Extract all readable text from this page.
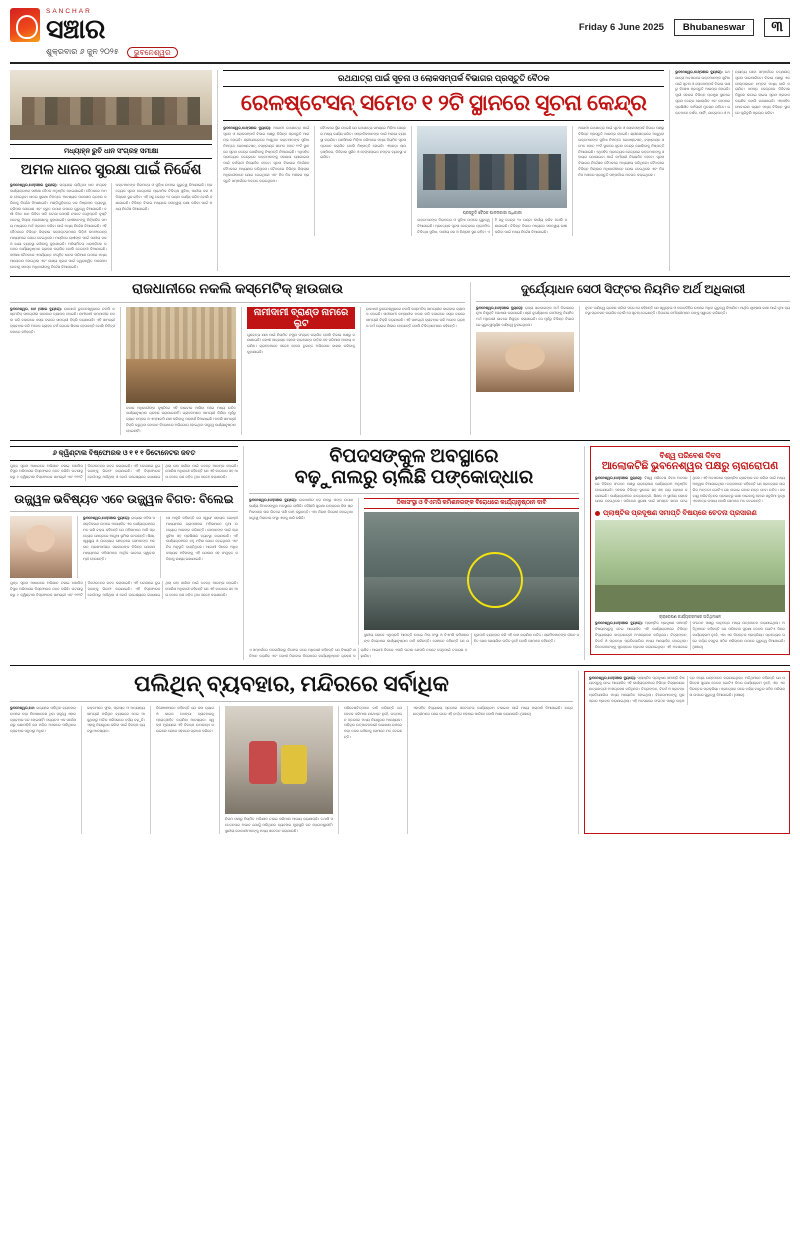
SANCHAR
ସଞ୍ଚାର
ଶୁକ୍ରବାର ୬ ଜୁନ ୨୦୨୫	ଭୁବନେଶ୍ୱର
Friday 6 June 2025	Bhubaneswar	୩
ମଧ୍ୟାହ୍ନ ରୁଚି ଧାନ ସଂଗ୍ରହ ସମୀକ୍ଷା
ଅମଳ ଧାନର ସୁରକ୍ଷା ପାଇଁ ନିର୍ଦ୍ଦେଶ
ଭୁବନେଶ୍ୱର,୫ା୬(ସଞ୍ଚାର ବ୍ୟୁରୋ): ରାଜ୍ୟରେ ଚାଲିଥିବା ଧାନ ସଂଗ୍ରହ କାର୍ଯ୍ୟକ୍ରମର ସମୀକ୍ଷା ବୈଠକ ଅନୁଷ୍ଠିତ ହୋଇଯାଇଛି। ବୈଠକରେ ଅମଳ ହୋଇଥିବା ଧାନର ସୁରକ୍ଷା ନିମନ୍ତେ ଆବଶ୍ୟକ ପଦକ୍ଷେପ ଗ୍ରହଣ କରିବାକୁ ନିର୍ଦ୍ଦେଶ ଦିଆଯାଇଛି। ମଣ୍ଡିଗୁଡ଼ିକରେ ଜଳ ନିଷ୍କାସନ ବ୍ୟବସ୍ଥା, ତ୍ରିପଲ ଯୋଗାଣ ଏବଂ ଦ୍ରୁତ ଉଠାଣ ଉପରେ ଗୁରୁତ୍ୱ ଦିଆଯାଇଛି। ବର୍ଷା ଦିନେ ଧାନ ଭିଜିବା ପରି ଘଟଣା ଯେପରି ନଘଟେ ସେଥିପ୍ରତି ଦୃଷ୍ଟି ଦେବାକୁ ଜିଲ୍ଲା ପ୍ରଶାସନକୁ କୁହାଯାଇଛି। ଚାଷୀମାନଙ୍କୁ ନିର୍ଦ୍ଧାରିତ ସମୟ ମଧ୍ୟରେ ଅର୍ଥ ପ୍ରଦାନ କରିବା ପାଇଁ ମଧ୍ୟ ନିର୍ଦ୍ଦେଶ ଦିଆଯାଇଛି। ଏହି ବୈଠକରେ ବିଭିନ୍ନ ଜିଲ୍ଲାର କଲେକ୍ଟରମାନେ ଭିଡ଼ିଓ କନଫରେନ୍ସ ମାଧ୍ୟମରେ ଯୋଗ ଦେଇଥିଲେ। ମଣ୍ଡିରେ ଚାଷୀଙ୍କ ପାଇଁ ପାନୀୟ ଜଳ ଓ ଛାୟା ବ୍ୟବସ୍ଥା ରଖିବାକୁ କୁହାଯାଇଛି। ଅନିୟମିତତା ଧରାପଡ଼ିଲେ କଠୋର କାର୍ଯ୍ୟାନୁଷ୍ଠାନ ଗ୍ରହଣ କରାଯିବ ବୋଲି ଚେତାବନୀ ଦିଆଯାଇଛି। ସମୀକ୍ଷା ବୈଠକରେ ଏପର୍ଯ୍ୟନ୍ତ ସଂଗୃହିତ ଧାନର ପରିମାଣ ଉପରେ ମଧ୍ୟ ଆଲୋଚନା ହୋଇଥିଲା ଏବଂ ଲକ୍ଷ୍ୟ ପୂରଣ ପାଇଁ ତ୍ୱରାନ୍ୱିତ ପଦକ୍ଷେପ ନେବାକୁ ସମସ୍ତ ଅଧିକାରୀଙ୍କୁ ନିର୍ଦ୍ଦେଶ ଦିଆଯାଇଛି।
ଭକ୍ତମାନଙ୍କ ନିରାପତ୍ତା ଓ ସୁବିଧା ଉପରେ ଗୁରୁତ୍ୱ ଦିଆଯାଇଛି। ପ୍ରତ୍ୟେକ ସୂଚନା କେନ୍ଦ୍ରରେ ପ୍ରାଥମିକ ଚିକିତ୍ସା ସୁବିଧା, ପାନୀୟ ଜଳ ଓ ବିଶ୍ରାମ ସ୍ଥଳ ରହିବ। ଏହି ସବୁ କେନ୍ଦ୍ର ୨୪ ଘଣ୍ଟା କାର୍ଯ୍ୟ କରିବ ବୋଲି ଜଣାଯାଇଛି। ବିଭିନ୍ନ ବିଭାଗ ମଧ୍ୟରେ ସମନ୍ୱୟ ରକ୍ଷା କରିବା ପାଇଁ ମଧ୍ୟ ନିର୍ଦ୍ଦେଶ ଦିଆଯାଇଛି।
ରଥଯାତ୍ରା ପାଇଁ ସୂଚନା ଓ ଲୋକସମ୍ପର୍କ ବିଭାଗର ପ୍ରସ୍ତୁତି ବୈଠକ
ରେଳଷ୍ଟେସନ୍ ସମେତ ୧ ୨ଟି ସ୍ଥାନରେ ସୂଚନା କେନ୍ଦ୍ର
ଭୁବନେଶ୍ୱର,୫ା୬(ସଞ୍ଚାର ବ୍ୟୁରୋ): ଆଗାମୀ ରଥଯାତ୍ରା ପାଇଁ ସୂଚନା ଓ ଲୋକସମ୍ପର୍କ ବିଭାଗ ପକ୍ଷରୁ ବିଭିନ୍ନ ପ୍ରସ୍ତୁତି ଆରମ୍ଭ ହୋଇଛି। ଶ୍ରୀକ୍ଷେତ୍ରରେ ଆସୁଥିବା ଭକ୍ତମାନଙ୍କ ସୁବିଧା ନିମନ୍ତେ ରେଳଷ୍ଟେସନ୍, ବସ୍‌ଷ୍ଟାଣ୍ଡ ସମେତ ମୋଟ ୧୨ଟି ସ୍ଥାନରେ ସୂଚନା କେନ୍ଦ୍ର ଖୋଲିବାକୁ ନିଷ୍ପତ୍ତି ନିଆଯାଇଛି। ଏଥିସହିତ ପ୍ରତ୍ୟେକ କେନ୍ଦ୍ରରେ ଭକ୍ତମାନଙ୍କୁ ସହାୟତା ଯୋଗାଇବା ପାଇଁ କର୍ମଚାରୀ ନିୟୋଜିତ ହେବେ। ସୂଚନା ବିଭାଗର ନିର୍ଦ୍ଦେଶକ ବୈଠକରେ ଅଧ୍ୟକ୍ଷତା କରିଥିଲେ। ବୈଠକରେ ବିଭିନ୍ନ ଜିଲ୍ଲାର ଅଧିକାରୀମାନେ ଯୋଗ ଦେଇଥିଲେ ଏବଂ ନିଜ ନିଜ ଅଞ୍ଚଳର ପ୍ରସ୍ତୁତି ସମ୍ପର୍କରେ ଅବଗତ କରାଇଥିଲେ।
ବୈଠକରେ ସ୍ଥିର ହୋଇଛି ଯେ ରଥଯାତ୍ରା ସମୟରେ ମିଡ଼ିଆ ସେଣ୍ଟର ମଧ୍ୟ କାର୍ଯ୍ୟ କରିବ। ସମ୍ବାଦିକମାନଙ୍କ ପାଇଁ ଅଲଗା ବ୍ୟବସ୍ଥା କରାଯିବ। ସୋସିଆଲ ମିଡ଼ିଆ ଜରିଆରେ ମଧ୍ୟ ନିୟମିତ ସୂଚନା ପ୍ରଦାନ କରାଯିବ ବୋଲି ନିଷ୍ପତ୍ତି ହୋଇଛି। ଏହାଛଡ଼ା ଲାଉଡ଼ସ୍ପିକର, ଡିଜିଟାଲ ସ୍କ୍ରିନ ଓ ହେଲ୍ପଲାଇନ ନମ୍ବର ବ୍ୟବସ୍ଥା କରାଯିବ।
ପ୍ରସ୍ତୁତି ବୈଠକ ପାଳନକାରୀ ଅଧିକାରୀ
ଭକ୍ତମାନଙ୍କ ନିରାପତ୍ତା ଓ ସୁବିଧା ଉପରେ ଗୁରୁତ୍ୱ ଦିଆଯାଇଛି। ପ୍ରତ୍ୟେକ ସୂଚନା କେନ୍ଦ୍ରରେ ପ୍ରାଥମିକ ଚିକିତ୍ସା ସୁବିଧା, ପାନୀୟ ଜଳ ଓ ବିଶ୍ରାମ ସ୍ଥଳ ରହିବ। ଏହି ସବୁ କେନ୍ଦ୍ର ୨୪ ଘଣ୍ଟା କାର୍ଯ୍ୟ କରିବ ବୋଲି ଜଣାଯାଇଛି। ବିଭିନ୍ନ ବିଭାଗ ମଧ୍ୟରେ ସମନ୍ୱୟ ରକ୍ଷା କରିବା ପାଇଁ ମଧ୍ୟ ନିର୍ଦ୍ଦେଶ ଦିଆଯାଇଛି।
ଆଗାମୀ ରଥଯାତ୍ରା ପାଇଁ ସୂଚନା ଓ ଲୋକସମ୍ପର୍କ ବିଭାଗ ପକ୍ଷରୁ ବିଭିନ୍ନ ପ୍ରସ୍ତୁତି ଆରମ୍ଭ ହୋଇଛି। ଶ୍ରୀକ୍ଷେତ୍ରରେ ଆସୁଥିବା ଭକ୍ତମାନଙ୍କ ସୁବିଧା ନିମନ୍ତେ ରେଳଷ୍ଟେସନ୍, ବସ୍‌ଷ୍ଟାଣ୍ଡ ସମେତ ମୋଟ ୧୨ଟି ସ୍ଥାନରେ ସୂଚନା କେନ୍ଦ୍ର ଖୋଲିବାକୁ ନିଷ୍ପତ୍ତି ନିଆଯାଇଛି। ଏଥିସହିତ ପ୍ରତ୍ୟେକ କେନ୍ଦ୍ରରେ ଭକ୍ତମାନଙ୍କୁ ସହାୟତା ଯୋଗାଇବା ପାଇଁ କର୍ମଚାରୀ ନିୟୋଜିତ ହେବେ। ସୂଚନା ବିଭାଗର ନିର୍ଦ୍ଦେଶକ ବୈଠକରେ ଅଧ୍ୟକ୍ଷତା କରିଥିଲେ। ବୈଠକରେ ବିଭିନ୍ନ ଜିଲ୍ଲାର ଅଧିକାରୀମାନେ ଯୋଗ ଦେଇଥିଲେ ଏବଂ ନିଜ ନିଜ ଅଞ୍ଚଳର ପ୍ରସ୍ତୁତି ସମ୍ପର୍କରେ ଅବଗତ କରାଇଥିଲେ।
ଭୁବନେଶ୍ୱର,୫ା୬(ସଞ୍ଚାର ବ୍ୟୁରୋ): ରଥଯାତ୍ରା ଅବସରରେ ଭକ୍ତମାନଙ୍କ ସୁବିଧା ପାଇଁ ସୂଚନା ଓ ଲୋକସମ୍ପର୍କ ବିଭାଗ ପକ୍ଷରୁ ବିଶେଷ ପ୍ରସ୍ତୁତି ଆରମ୍ଭ ହୋଇଛି। ପୁରୀ ସହରର ବିଭିନ୍ନ ପ୍ରମୁଖ ସ୍ଥାନରେ ସୂଚନା କେନ୍ଦ୍ର ଖୋଲାଯିବ ଏବଂ ସେଠାରେ ପ୍ରଶିକ୍ଷିତ କର୍ମଚାରୀ ମୁତୟନ ରହିବେ। ଭକ୍ତମାନେ ଦର୍ଶନ, ପାର୍କିଂ, ଯାତ୍ରାପଥ ଓ ଅନ୍ୟାନ୍ୟ ସେବା ସମ୍ପର୍କରେ ତତ୍‌କ୍ଷଣାତ୍ ସୂଚନା ପାଇପାରିବେ। ବିଭାଗ ପକ୍ଷରୁ ଏକ ହେଲ୍ପଲାଇନ ନମ୍ବର ମଧ୍ୟ ଜାରି କରାଯିବ। ସମସ୍ତ କେନ୍ଦ୍ରରେ ଡିଜିଟାଲ ଡିସ୍ପ୍ଲେ ଲଗାଇ ଲାଇଭ ସୂଚନା ପ୍ରଦାନ କରାଯିବ ବୋଲି ଜଣାଯାଇଛି। ଏହାସହିତ ମୋବାଇଲ ଭ୍ୟାନ ମଧ୍ୟ ବିଭିନ୍ନ ସ୍ଥାନରେ ଘୂରିବୁଲି ପ୍ରଚାର କରିବ।
ରାଜଧାନୀରେ ନକଲି କସ୍‌ମେଟିକ୍ ହାଉଜାଉ
ଭୁବନେଶ୍ୱର, ୫ା୬ (ସଞ୍ଚାର ବ୍ୟୁରୋ): ରାଜଧାନୀ ଭୁବନେଶ୍ୱରରେ ନକଲି କସ୍‌ମେଟିକ୍ ସାମଗ୍ରୀର କାରବାର ବ୍ୟାପକ ହୋଇଛି। ନାମୀଦାମୀ କମ୍ପାନୀର ନକଲ କରି ବଜାରରେ ସସ୍ତା ଦରରେ ସାମଗ୍ରୀ ବିକ୍ରି କରାଯାଉଛି। ଏହି ସାମଗ୍ରୀ ବ୍ୟବହାର କରି ଅନେକ ଗ୍ରାହକ ଚର୍ମ ରୋଗର ଶିକାର ହେଉଛନ୍ତି ବୋଲି ଚିକିତ୍ସକମାନେ କହିଛନ୍ତି।
ବଜାର ଅଧିକାରୀଙ୍କ ଦୃଷ୍ଟିରେ ଏହି କାରବାର ଆସିବା ପରେ ମଧ୍ୟ ଉଚିତ କାର୍ଯ୍ୟାନୁଷ୍ଠାନ ଗ୍ରହଣ କରାଯାଇନାହିଁ। ଗ୍ରାହକମାନେ ସାମଗ୍ରୀ କିଣିବା ପୂର୍ବରୁ ବ୍ୟାଚ ନମ୍ବର ଓ ଏମ୍‌ଆରପି ଯାଞ୍ଚ କରିବାକୁ ପରାମର୍ଶ ଦିଆଯାଇଛି। ନକଲି ସାମଗ୍ରୀ ବିକ୍ରି କରୁଥିବା ଦୋକାନ ବିରୋଧରେ ଅଭିଯୋଗ ହୋଇଥିବା ସତ୍ତ୍ୱେ କାର୍ଯ୍ୟାନୁଷ୍ଠାନ ହୋଇନାହିଁ।
ନାମୀଦାମୀ ବ୍ରାଣ୍ଡ ନାମରେ ଲୁଟ
ଗୁଣବତ୍ତା ଯାଞ୍ଚ ପାଇଁ ନିୟମିତ ନମୁନା ସଂଗ୍ରହ କରାଯିବ ବୋଲି ବିଭାଗ ପକ୍ଷରୁ ଜଣାଯାଇଛି। ଦୋଷୀ ସାବ୍ୟସ୍ତ ହେଲେ ଲାଇସେନ୍ସ ବାତିଲ ସହ ଜରିମାନା ଆଦାୟ କରାଯିବ। ଗ୍ରାହକମାନେ ସନ୍ଦେହ ହେଲେ ତୁରନ୍ତ ଅଭିଯୋଗ ଦାଖଲ କରିବାକୁ କୁହାଯାଇଛି।
ରାଜଧାନୀ ଭୁବନେଶ୍ୱରରେ ନକଲି କସ୍‌ମେଟିକ୍ ସାମଗ୍ରୀର କାରବାର ବ୍ୟାପକ ହୋଇଛି। ନାମୀଦାମୀ କମ୍ପାନୀର ନକଲ କରି ବଜାରରେ ସସ୍ତା ଦରରେ ସାମଗ୍ରୀ ବିକ୍ରି କରାଯାଉଛି। ଏହି ସାମଗ୍ରୀ ବ୍ୟବହାର କରି ଅନେକ ଗ୍ରାହକ ଚର୍ମ ରୋଗର ଶିକାର ହେଉଛନ୍ତି ବୋଲି ଚିକିତ୍ସକମାନେ କହିଛନ୍ତି।
ଦୁର୍ଯ୍ୟୋଧନ ସେଠୀ ସିଫ୍ଟର ନିୟମିତ ଅର୍ଥ ଅଧିକାରୀ
ଭୁବନେଶ୍ୱର,୫ା୬(ସଞ୍ଚାର ବ୍ୟୁରୋ): ରାଜ୍ୟ ସରକାରଙ୍କ ଅର୍ଥ ବିଭାଗରେ ନୂଆ ନିଯୁକ୍ତି ଘୋଷଣା କରାଯାଇଛି। ଶ୍ରୀ ଦୁର୍ଯ୍ୟୋଧନ ସେଠୀଙ୍କୁ ନିୟମିତ ଅର୍ଥ ଅଧିକାରୀ ଭାବରେ ନିଯୁକ୍ତ କରାଯାଇଛି। ସେ ପୂର୍ବରୁ ବିଭିନ୍ନ ବିଭାଗରେ ଗୁରୁତ୍ୱପୂର୍ଣ୍ଣ ଦାୟିତ୍ୱ ତୁଲାଇଥିଲେ।
ନୂତନ ଦାୟିତ୍ୱ ଗ୍ରହଣ କରିବା ପରେ ସେ କହିଛନ୍ତି ଯେ ସ୍ୱଚ୍ଛତା ଓ ଜବାବଦିହିତା ଉପରେ ଅଧିକ ଗୁରୁତ୍ୱ ଦିଆଯିବ। ଆର୍ଥିକ ଶୃଙ୍ଖଳା ରକ୍ଷା ପାଇଁ ନୂଆ ବ୍ୟବସ୍ଥା ପ୍ରଚଳନ କରାଯିବ ବୋଲି ସେ ସୂଚନା ଦେଇଛନ୍ତି। ବିଭାଗର କର୍ମଚାରୀମାନେ ତାଙ୍କୁ ସ୍ୱାଗତ କରିଛନ୍ତି।
୬ କ୍ୱିଣ୍ଟାଲ ବିଷ୍ଫୋରକ ଓ ୧ ୧ ୧ ଡିଟୋନେଟର ଜବତ
ଗୁପ୍ତ ସୂଚନା ଆଧାରରେ ଅଭିଯାନ ଚଳାଇ ପୋଲିସ ବିପୁଳ ପରିମାଣର ବିସ୍ଫୋରକ ଜବତ କରିଛି। ଘଟଣାସ୍ଥଳରୁ ୬ କ୍ୱିଣ୍ଟାଲ ବିସ୍ଫୋରକ ସାମଗ୍ରୀ ଏବଂ ୧୧୧ଟି ଡିଟୋନେଟର ଜବତ କରାଯାଇଛି। ଏହି ଘଟଣାରେ ଦୁଇ ଜଣଙ୍କୁ ଗିରଫ କରାଯାଇଛି। ଏହି ବିସ୍ଫୋରକ କେଉଁଠାରୁ ଆସିଥିଲା ଓ କେଉଁ ଉଦ୍ଦେଶ୍ୟରେ ରଖାଯାଇଥିଲା ତାହା ଜାଣିବା ପାଇଁ ତଦନ୍ତ ଆରମ୍ଭ ହୋଇଛି। ପୋଲିସ ଅଧିକାରୀ କହିଛନ୍ତି ଯେ ଏହି କାରବାର ସହ ଆଉ କେତେ ଜଣ ଜଡ଼ିତ ଥିବା ସନ୍ଦେହ କରାଯାଉଛି।
ଉଜ୍ଜ୍ୱଳ ଭବିଷ୍ୟତ ଏବେ ଉଜ୍ଜ୍ୱଳ ବିଗତ: ବିଲେଇ
ଭୁବନେଶ୍ୱର,୫ା୬(ସଞ୍ଚାର ବ୍ୟୁରୋ): ରାଜ୍ୟର ମହିଳା ସଶକ୍ତିକରଣ ଉପରେ ଆୟୋଜିତ ଏକ କାର୍ଯ୍ୟକ୍ରମରେ ମତ ରଖି ବକ୍ତା କହିଛନ୍ତି ଯେ ମହିଳାମାନେ ଆଜି ପ୍ରତ୍ୟେକ କ୍ଷେତ୍ରରେ ଆଗୁଆ ଭୂମିକା ନେଉଛନ୍ତି। ଶିକ୍ଷା, ସ୍ୱାସ୍ଥ୍ୟ ଓ ଉଦ୍ୟୋଗ କ୍ଷେତ୍ରରେ ସେମାନଙ୍କ ଅବଦାନ ପ୍ରଶଂସନୀୟ। ସରକାରଙ୍କ ବିଭିନ୍ନ ଯୋଜନା ମାଧ୍ୟମରେ ମହିଳାମାନେ ଆର୍ଥିକ ଭାବରେ ସ୍ୱାବଲମ୍ବୀ ହେଉଛନ୍ତି।
ସେ ଆହୁରି କହିଛନ୍ତି ଯେ ସ୍ୱୟଂ ସହାୟକ ଗୋଷ୍ଠୀ ମାଧ୍ୟମରେ ଗ୍ରାମାଞ୍ଚଳର ମହିଳାମାନେ ନୂଆ ଉଦ୍ୟୋଗ ଆରମ୍ଭ କରିଛନ୍ତି। ସେମାନଙ୍କ ପାଇଁ ଋଣ ସୁବିଧା ସହ ପ୍ରଶିକ୍ଷଣ ବ୍ୟବସ୍ଥା କରାଯାଉଛି। ଏହି କାର୍ଯ୍ୟକ୍ରମରେ ବହୁ ମହିଳା ଯୋଗ ଦେଇଥିଲେ ଏବଂ ନିଜ ଅନୁଭୂତି ବାଣ୍ଟିଥିଲେ। ଆଗାମୀ ଦିନରେ ଅଧିକ ସଂଖ୍ୟକ ମହିଳାଙ୍କୁ ଏହି ଯୋଜନା ସହ ସଂଯୁକ୍ତ କରିବାକୁ ଲକ୍ଷ୍ୟ ରଖାଯାଇଛି।
ଗୁପ୍ତ ସୂଚନା ଆଧାରରେ ଅଭିଯାନ ଚଳାଇ ପୋଲିସ ବିପୁଳ ପରିମାଣର ବିସ୍ଫୋରକ ଜବତ କରିଛି। ଘଟଣାସ୍ଥଳରୁ ୬ କ୍ୱିଣ୍ଟାଲ ବିସ୍ଫୋରକ ସାମଗ୍ରୀ ଏବଂ ୧୧୧ଟି ଡିଟୋନେଟର ଜବତ କରାଯାଇଛି। ଏହି ଘଟଣାରେ ଦୁଇ ଜଣଙ୍କୁ ଗିରଫ କରାଯାଇଛି। ଏହି ବିସ୍ଫୋରକ କେଉଁଠାରୁ ଆସିଥିଲା ଓ କେଉଁ ଉଦ୍ଦେଶ୍ୟରେ ରଖାଯାଇଥିଲା ତାହା ଜାଣିବା ପାଇଁ ତଦନ୍ତ ଆରମ୍ଭ ହୋଇଛି। ପୋଲିସ ଅଧିକାରୀ କହିଛନ୍ତି ଯେ ଏହି କାରବାର ସହ ଆଉ କେତେ ଜଣ ଜଡ଼ିତ ଥିବା ସନ୍ଦେହ କରାଯାଉଛି।
ବିପଦସଙ୍କୁଳ ଅବସ୍ଥାରେ
ବଢ଼ୁନାଲରୁ ଚାଲିଛି ପଙ୍କୋଦ୍ଧାର
ଭୁବନେଶ୍ୱର,୫ା୬(ସଞ୍ଚାର ବ୍ୟୁରୋ): ରାଜଧାନୀର ବଡ଼ ନାଳରୁ ପଙ୍କ ଉଠାଣ କାର୍ଯ୍ୟ ବିପଦସଙ୍କୁଳ ଅବସ୍ଥାରେ ଚାଲିଛି। କୌଣସି ସୁରକ୍ଷା ଉପକରଣ ବିନା ଶ୍ରମିକମାନେ ନାଳ ଭିତରେ ପଶି କାମ କରୁଛନ୍ତି। ଏହା ନିୟମ ବିରୋଧୀ ହୋଇଥିବା ସତ୍ତ୍ୱେ ଠିକାଦାର ସଂସ୍ଥା ଏହାକୁ ଜାରି ରଖିଛି।
ଠିକାସଂସ୍ଥା ଓ ବିଏମସି କମିଶନରଙ୍କ ବିରୋଧରେ କାର୍ଯ୍ୟାନୁଷ୍ଠାନ ଦାବି
ସ୍ଥାନୀୟ ଲୋକେ ଏଥିପ୍ରତି ଆପତ୍ତି ଉଠାଇ ଠିକା ସଂସ୍ଥା ଓ ବିଏମସି କମିଶନରଙ୍କ ବିରୋଧରେ କାର୍ଯ୍ୟାନୁଷ୍ଠାନ ଦାବି କରିଛନ୍ତି। ସେମାନେ କହିଛନ୍ତି ଯେ ଯନ୍ତ୍ରପାତି ବ୍ୟବହାର କରି ଏହି କାମ କରାଯିବା ଉଚିତ। ଶ୍ରମିକମାନଙ୍କ ଜୀବନ ସହିତ ଖେଳ ଖେଳାଯିବା ଉଚିତ ନୁହେଁ ବୋଲି ସେମାନେ କହିଛନ୍ତି।
ଏ ସମ୍ପର୍କରେ ପଚରାଯିବାରୁ ନିଗମର ଜଣେ ଅଧିକାରୀ କହିଛନ୍ତି ଯେ ବିଷୟଟି ଖତିଆନ କରାଯିବ ଏବଂ ଦୋଷୀ ଠିକାଦାର ବିରୋଧରେ କାର୍ଯ୍ୟାନୁଷ୍ଠାନ ଗ୍ରହଣ କରାଯିବ। ଆଗାମୀ ଦିନରେ ଏପରି ଘଟଣା ଯେପରି ନଘଟେ ସେଥିପାଇଁ ତଦାରଖ ବଢ଼ାଯିବ।
ବିଶ୍ୱ ପରିବେଶ ଦିବସ
ଆଲୋକଟିଛି ଭୁବନେଶ୍ୱର ପକ୍ଷରୁ ଚାରାରୋପଣ
ଭୁବନେଶ୍ୱର,୫ା୬(ସଞ୍ଚାର ବ୍ୟୁରୋ): ବିଶ୍ୱ ପରିବେଶ ଦିବସ ଅବସରରେ ବିଭିନ୍ନ ସଂଗଠନ ପକ୍ଷରୁ ଚାରାରୋପଣ କାର୍ଯ୍ୟକ୍ରମ ଅନୁଷ୍ଠିତ ହୋଇଯାଇଛି। ସହରର ବିଭିନ୍ନ ସ୍ଥାନରେ ଶହ ଶହ ଚାରା ରୋପଣ କରାଯାଇଛି। କାର୍ଯ୍ୟକ୍ରମରେ ଛାତ୍ରଛାତ୍ରୀ, ଶିକ୍ଷକ ଓ ସ୍ଥାନୀୟ ଲୋକେ ଯୋଗ ଦେଇଥିଲେ। ପରିବେଶ ସୁରକ୍ଷା ପାଇଁ ସମସ୍ତେ ଶପଥ ନେଇଥିଲେ। ଏହି ଅବସରରେ ପ୍ଲାଷ୍ଟିକ ବ୍ୟବହାର ବନ୍ଦ କରିବା ପାଇଁ ମଧ୍ୟ ଆହ୍ୱାନ ଦିଆଯାଇଥିଲା। ବକ୍ତାମାନେ କହିଛନ୍ତି ଯେ ପ୍ରତ୍ୟେକ ନାଗରିକ ଅନ୍ତତଃ ଗୋଟିଏ ଗଛ ଲଗାଇ ତାହାର ଯତ୍ନ ନେବା ଉଚିତ। ଜଳବାୟୁ ପରିବର୍ତ୍ତନର ପ୍ରଭାବରୁ ରକ୍ଷା ପାଇବାକୁ ହେଲେ ସବୁଜିମା ବୃଦ୍ଧି ଏକମାତ୍ର ଉପାୟ ବୋଲି ସେମାନେ ମତ ଦେଇଛନ୍ତି।
ପ୍ଲାଷ୍ଟିକ ପ୍ରଦୂଷଣ ସମାପ୍ତି ବିଷୟରେ ଚେତନା ପ୍ରସାରଣ
ଚାରାରୋପଣ କାର୍ଯ୍ୟକ୍ରମରେ ଅତିଥିମାନେ
ଭୁବନେଶ୍ୱର,୫ା୬(ସଞ୍ଚାର ବ୍ୟୁରୋ): ପ୍ଲାଷ୍ଟିକ ପ୍ରଦୂଷଣ ସମାପ୍ତି ବିଷୟବସ୍ତୁକୁ ନେଇ ଆୟୋଜିତ ଏହି କାର୍ଯ୍ୟକ୍ରମରେ ବିଭିନ୍ନ ବିଦ୍ୟାଳୟର ଛାତ୍ରଛାତ୍ରୀ ଅଂଶଗ୍ରହଣ କରିଥିଲେ। ଚିତ୍ରାଙ୍କନ, ବିତର୍କ ଓ ପ୍ରବନ୍ଧ ପ୍ରତିଯୋଗିତା ମଧ୍ୟ ଆୟୋଜିତ ହୋଇଥିଲା। ବିଜେତାମାନଙ୍କୁ ପୁରସ୍କାର ପ୍ରଦାନ କରାଯାଇଥିଲା। ଏହି ଅବସରରେ ସଂଗଠନ ପକ୍ଷରୁ କାନ୍ଥପତ୍ର ମଧ୍ୟ ଉନ୍ମୋଚନ କରାଯାଇଥିଲା। ଅତିଥିମାନେ କହିଛନ୍ତି ଯେ ପରିବେଶ ସୁରକ୍ଷା କେବଳ ଗୋଟିଏ ଦିନର କାର୍ଯ୍ୟକ୍ରମ ନୁହେଁ, ଏହା ଏକ ନିରନ୍ତର ପ୍ରକ୍ରିୟା। ପ୍ରତ୍ୟେକ ଘରେ ବର୍ଜ୍ୟ ବସ୍ତୁର ସଠିକ ପରିଚାଳନା ଉପରେ ଗୁରୁତ୍ୱ ଦିଆଯାଇଛି। (ସଞ୍ଚାର)
ପଲିଥିନ୍ ବ୍ୟବହାର, ମନ୍ଦିରରେ ସର୍ବାଧିକ
ଭୁବନେଶ୍ୱର,୫ା୬: ରାଜ୍ୟରେ ପଲିଥିନ ବ୍ୟବହାର ଉପରେ କଡ଼ା ନିଷେଧାଦେଶ ଥିବା ସତ୍ତ୍ୱେ ଏହାର ବ୍ୟବହାର ବନ୍ଦ ହୋଇନାହିଁ। ସଦ୍ୟତମ ଏକ ସର୍ବେକ୍ଷଣରୁ ଜଣାପଡ଼ିଛି ଯେ ମନ୍ଦିର ଅଞ୍ଚଳରେ ପଲିଥିନର ବ୍ୟବହାର ସବୁଠାରୁ ଅଧିକ।
ଭକ୍ତମାନେ ଫୁଲ, ପ୍ରସାଦ ଓ ଅନ୍ୟାନ୍ୟ ସାମଗ୍ରୀ ପଲିଥିନ ବ୍ୟାଗରେ ନେଇ ଆସୁଥିବାରୁ ମନ୍ଦିର ପରିସରରେ ବର୍ଜ୍ୟ ବଢ଼ୁଛି। ଏହାକୁ ନିୟନ୍ତ୍ରଣ କରିବା ପାଇଁ ବିକଳ୍ପ ବ୍ୟବସ୍ଥା ଆବଶ୍ୟକ।
ବିଶେଷଜ୍ଞମାନେ କହିଛନ୍ତି ଯେ କନା ବ୍ୟାଗ ଓ କାଗଜ ଠୋଙ୍ଗା ବ୍ୟବହାରକୁ ପ୍ରୋତ୍ସାହିତ କରାଯିବା ଆବଶ୍ୟକ। ସ୍ୱଳ୍ପ ମୂଲ୍ୟରେ ଏହି ବିକଳ୍ପ ଉପଲବ୍ଧ କରାଇଲେ ଲୋକେ ସହଜରେ ଗ୍ରହଣ କରିବେ।
ନିଗମ ପକ୍ଷରୁ ନିୟମିତ ଅଭିଯାନ ଚଳାଇ ଜରିମାନା ଆଦାୟ କରାଯାଉଛି। ତଥାପି ସଚେତନତାର ଅଭାବ ଯୋଗୁଁ ପଲିଥିନର ବ୍ୟବହାର ପୁରାପୁରି ବନ୍ଦ ହୋଇପାରୁନାହିଁ। ସ୍ଥାନୀୟ ଦୋକାନୀମାନଙ୍କୁ ମଧ୍ୟ ସଚେତନ କରାଯାଉଛି।
ପରିବେଶବିତ୍‌ମାନେ ଦାବି କରିଛନ୍ତି ଯେ କେବଳ ଜରିମାନା ଯଥେଷ୍ଟ ନୁହେଁ, ଉତ୍ପାଦନ ସ୍ତରରେ ମଧ୍ୟ ନିୟନ୍ତ୍ରଣ ଆବଶ୍ୟକ। ପଲିଥିନ ଉତ୍ପାଦନକାରୀ କାରଖାନା ଉପରେ କଡ଼ା ନଜର ରଖିବାକୁ ସେମାନେ ମତ ଦେଇଛନ୍ତି।
ଏହାସହିତ ବିଦ୍ୟାଳୟ ସ୍ତରରେ ସଚେତନତା କାର୍ଯ୍ୟକ୍ରମ ଚଳାଇବା ପାଇଁ ମଧ୍ୟ ପରାମର୍ଶ ଦିଆଯାଇଛି। ଛାତ୍ରଛାତ୍ରୀମାନେ ଘରେ ଘରେ ଏହି ବାର୍ତ୍ତା ପହଞ୍ଚାଇ ପାରିବେ ବୋଲି ଆଶା କରାଯାଉଛି। (ସଞ୍ଚାର)
ଭୁବନେଶ୍ୱର,୫ା୬(ସଞ୍ଚାର ବ୍ୟୁରୋ): ପ୍ଲାଷ୍ଟିକ ପ୍ରଦୂଷଣ ସମାପ୍ତି ବିଷୟବସ୍ତୁକୁ ନେଇ ଆୟୋଜିତ ଏହି କାର୍ଯ୍ୟକ୍ରମରେ ବିଭିନ୍ନ ବିଦ୍ୟାଳୟର ଛାତ୍ରଛାତ୍ରୀ ଅଂଶଗ୍ରହଣ କରିଥିଲେ। ଚିତ୍ରାଙ୍କନ, ବିତର୍କ ଓ ପ୍ରବନ୍ଧ ପ୍ରତିଯୋଗିତା ମଧ୍ୟ ଆୟୋଜିତ ହୋଇଥିଲା। ବିଜେତାମାନଙ୍କୁ ପୁରସ୍କାର ପ୍ରଦାନ କରାଯାଇଥିଲା। ଏହି ଅବସରରେ ସଂଗଠନ ପକ୍ଷରୁ କାନ୍ଥପତ୍ର ମଧ୍ୟ ଉନ୍ମୋଚନ କରାଯାଇଥିଲା। ଅତିଥିମାନେ କହିଛନ୍ତି ଯେ ପରିବେଶ ସୁରକ୍ଷା କେବଳ ଗୋଟିଏ ଦିନର କାର୍ଯ୍ୟକ୍ରମ ନୁହେଁ, ଏହା ଏକ ନିରନ୍ତର ପ୍ରକ୍ରିୟା। ପ୍ରତ୍ୟେକ ଘରେ ବର୍ଜ୍ୟ ବସ୍ତୁର ସଠିକ ପରିଚାଳନା ଉପରେ ଗୁରୁତ୍ୱ ଦିଆଯାଇଛି। (ସଞ୍ଚାର)
